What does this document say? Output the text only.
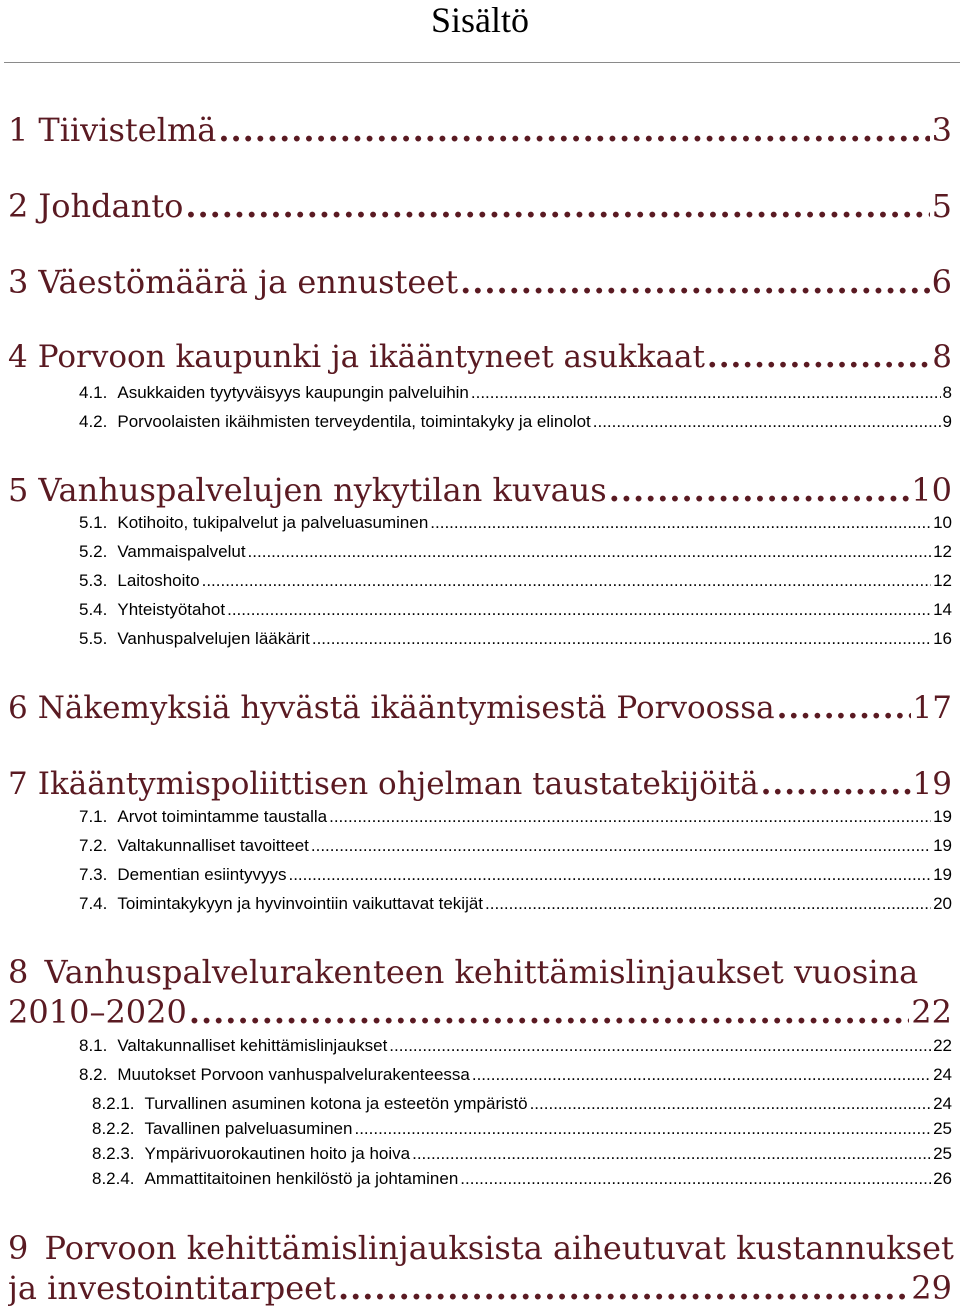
Sisältö
1 Tiivistelmä .....	3
2 Johdanto .....	5
3 Väestömäärä ja ennusteet .....	6
4 Porvoon kaupunki ja ikääntyneet asukkaat .....	8
4.1. Asukkaiden tyytyväisyys kaupungin palveluihin .....	8
4.2. Porvoolaisten ikäihmisten terveydentila, toimintakyky ja elinolot .....	9
5 Vanhuspalvelujen nykytilan kuvaus .....	10
5.1. Kotihoito, tukipalvelut ja palveluasuminen .....	10
5.2. Vammaispalvelut .....	12
5.3. Laitoshoito .....	12
5.4. Yhteistyötahot .....	14
5.5. Vanhuspalvelujen lääkärit .....	16
6 Näkemyksiä hyvästä ikääntymisestä Porvoossa .....	17
7 Ikääntymispoliittisen ohjelman taustatekijöitä .....	19
7.1. Arvot toimintamme taustalla .....	19
7.2. Valtakunnalliset tavoitteet .....	19
7.3. Dementian esiintyvyys .....	19
7.4. Toimintakykyyn ja hyvinvointiin vaikuttavat tekijät .....	20
8 Vanhuspalvelurakenteen kehittämislinjaukset vuosina
2010–2020 .....	22
8.1. Valtakunnalliset kehittämislinjaukset .....	22
8.2. Muutokset Porvoon vanhuspalvelurakenteessa .....	24
8.2.1. Turvallinen asuminen kotona ja esteetön ympäristö .....	24
8.2.2. Tavallinen palveluasuminen .....	25
8.2.3. Ympärivuorokautinen hoito ja hoiva .....	25
8.2.4. Ammattitaitoinen henkilöstö ja johtaminen .....	26
9 Porvoon kehittämislinjauksista aiheutuvat kustannukset
ja investointitarpeet .....	29
